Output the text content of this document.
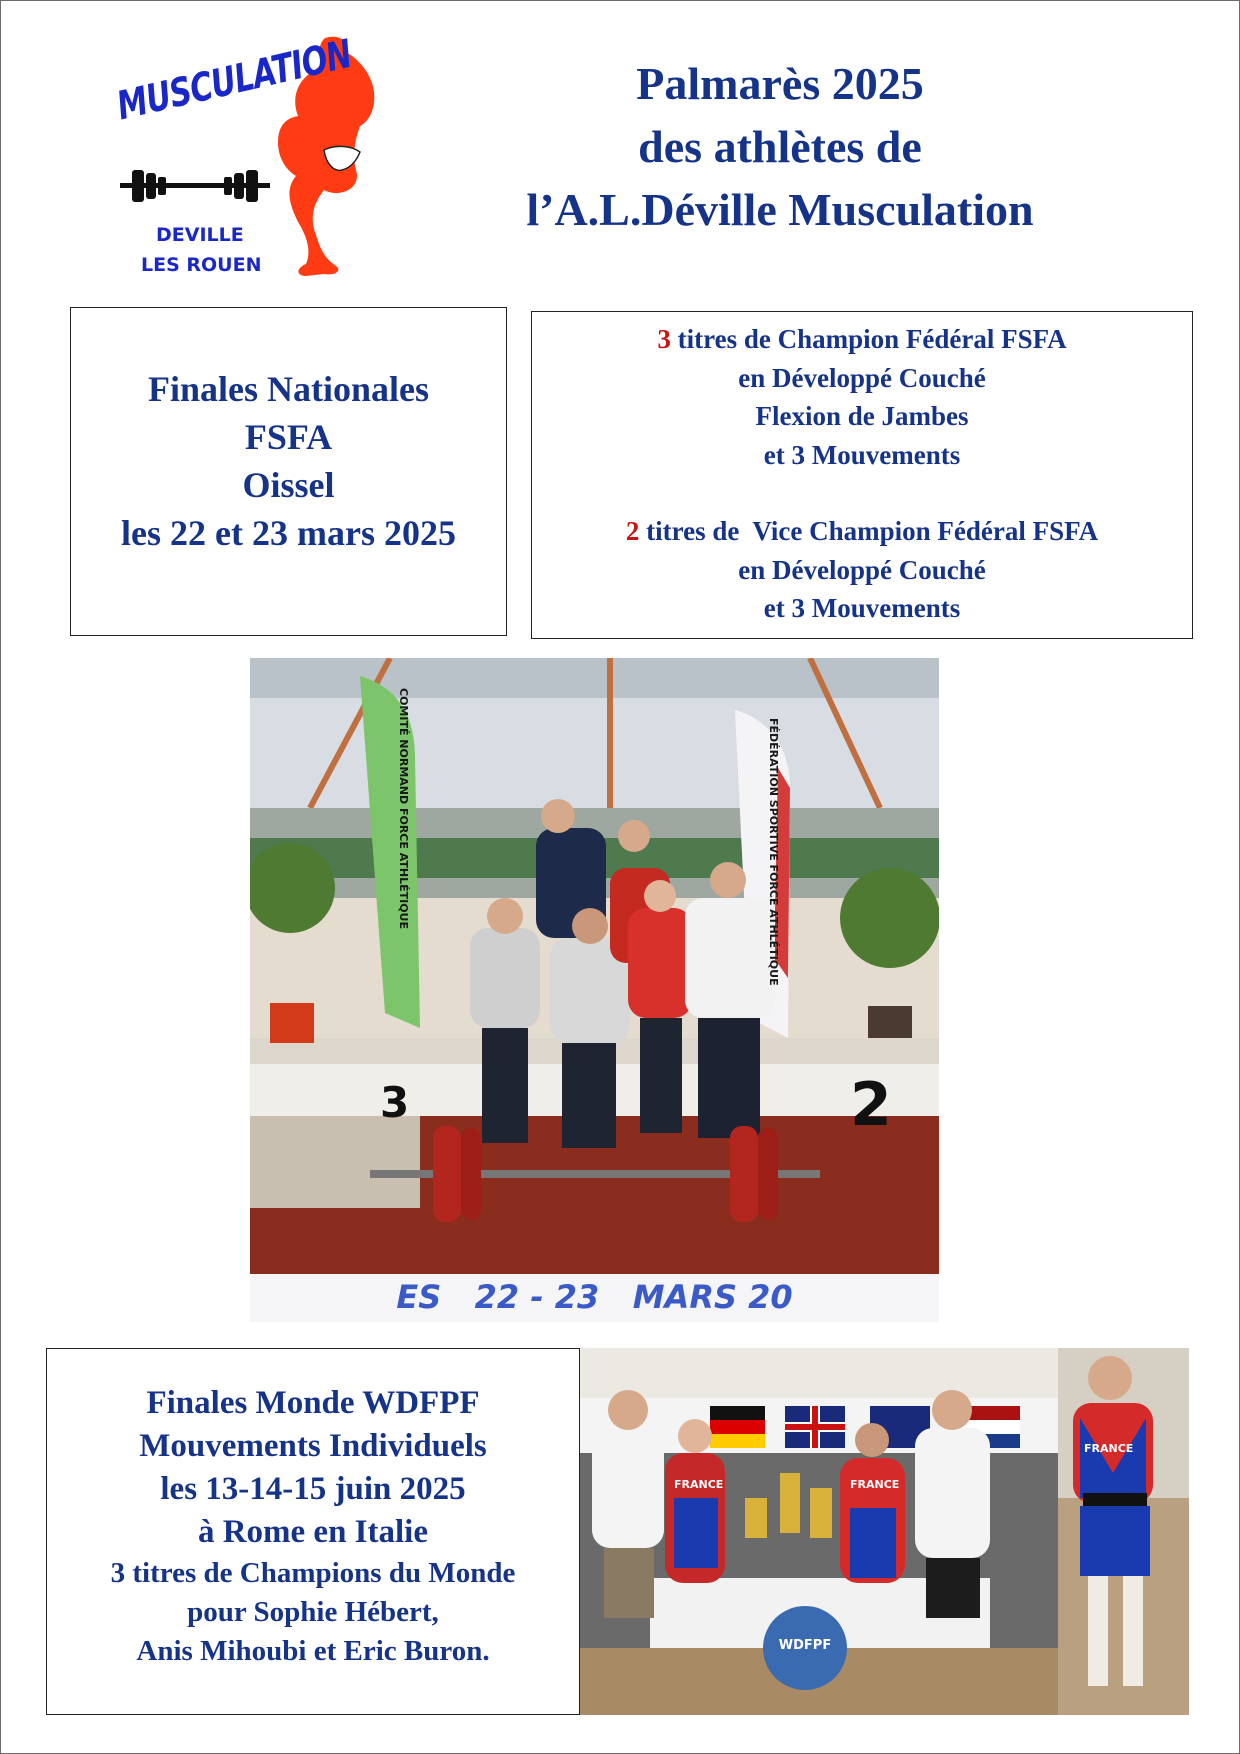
MUSCULATION
DEVILLE
LES ROUEN
Palmarès 2025
des athlètes de
l’A.L.Déville Musculation
Finales Nationales
FSFA
Oissel
les 22 et 23 mars 2025
3 titres de Champion Fédéral FSFA
en Développé Couché
Flexion de Jambes
et 3 Mouvements
2 titres de  Vice Champion Fédéral FSFA
en Développé Couché
et 3 Mouvements
COMITÉ NORMAND FORCE ATHLÉTIQUE	FÉDÉRATION SPORTIVE FORCE ATHLÉTIQUE
3	2
ES   22 - 23   MARS 20
Finales Monde WDFPF
Mouvements Individuels
les 13-14-15 juin 2025
à Rome en Italie
3 titres de Champions du Monde
pour Sophie Hébert,
Anis Mihoubi et Eric Buron.
FRANCE	FRANCE
WDFPF
FRANCE
